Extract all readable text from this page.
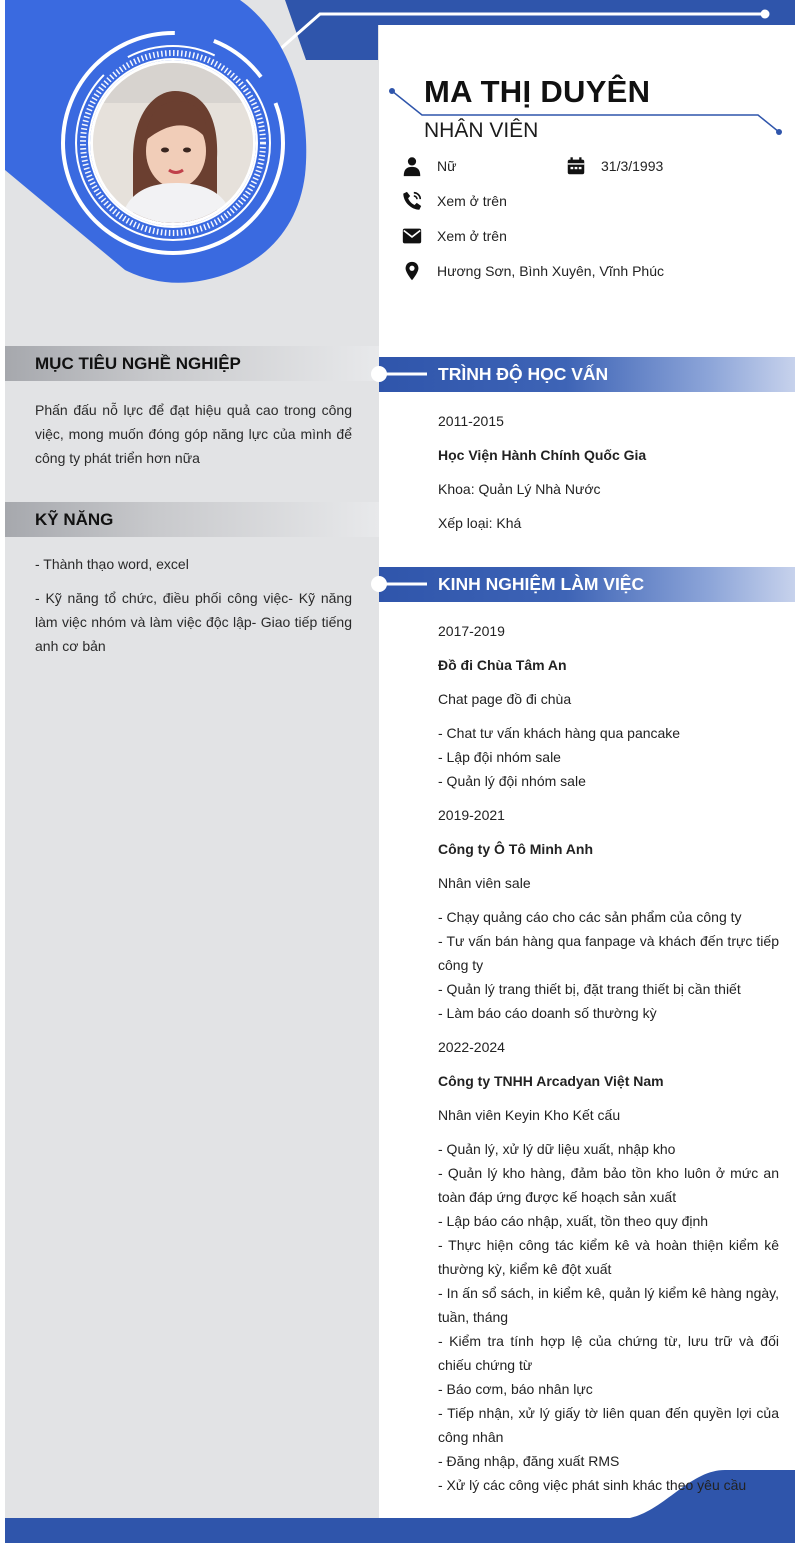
MA THỊ DUYÊN
NHÂN VIÊN
Nữ	31/3/1993
Xem ở trên
Xem ở trên
Hương Sơn, Bình Xuyên, Vĩnh Phúc
MỤC TIÊU NGHỀ NGHIỆP

Phấn đấu nỗ lực để đạt hiệu quả cao trong công việc, mong muốn đóng góp năng lực của mình để công ty phát triển hơn nữa

KỸ NĂNG

- Thành thạo word, excel

- Kỹ năng tổ chức, điều phối công việc- Kỹ năng làm việc nhóm và làm việc độc lập- Giao tiếp tiếng anh cơ bản

TRÌNH ĐỘ HỌC VẤN
2011-2015
Học Viện Hành Chính Quốc Gia
Khoa: Quản Lý Nhà Nước
Xếp loại: Khá
KINH NGHIỆM LÀM VIỆC
2017-2019
Đồ đi Chùa Tâm An
Chat page đồ đi chùa
- Chat tư vấn khách hàng qua pancake
- Lập đội nhóm sale
- Quản lý đội nhóm sale
2019-2021
Công ty Ô Tô Minh Anh
Nhân viên sale
- Chạy quảng cáo cho các sản phẩm của công ty
- Tư vấn bán hàng qua fanpage và khách đến trực tiếp công ty
- Quản lý trang thiết bị, đặt trang thiết bị cần thiết
- Làm báo cáo doanh số thường kỳ
2022-2024
Công ty TNHH Arcadyan Việt Nam
Nhân viên Keyin Kho Kết cấu
- Quản lý, xử lý dữ liệu xuất, nhập kho
- Quản lý kho hàng, đảm bảo tồn kho luôn ở mức an toàn đáp ứng được kế hoạch sản xuất
- Lập báo cáo nhập, xuất, tồn theo quy định
- Thực hiện công tác kiểm kê và hoàn thiện kiểm kê thường kỳ, kiểm kê đột xuất
- In ấn sổ sách, in kiểm kê, quản lý kiểm kê hàng ngày, tuần, tháng
- Kiểm tra tính hợp lệ của chứng từ, lưu trữ và đối chiếu chứng từ
- Báo cơm, báo nhân lực
- Tiếp nhận, xử lý giấy tờ liên quan đến quyền lợi của công nhân
- Đăng nhập, đăng xuất RMS
- Xử lý các công việc phát sinh khác theo yêu cầu
